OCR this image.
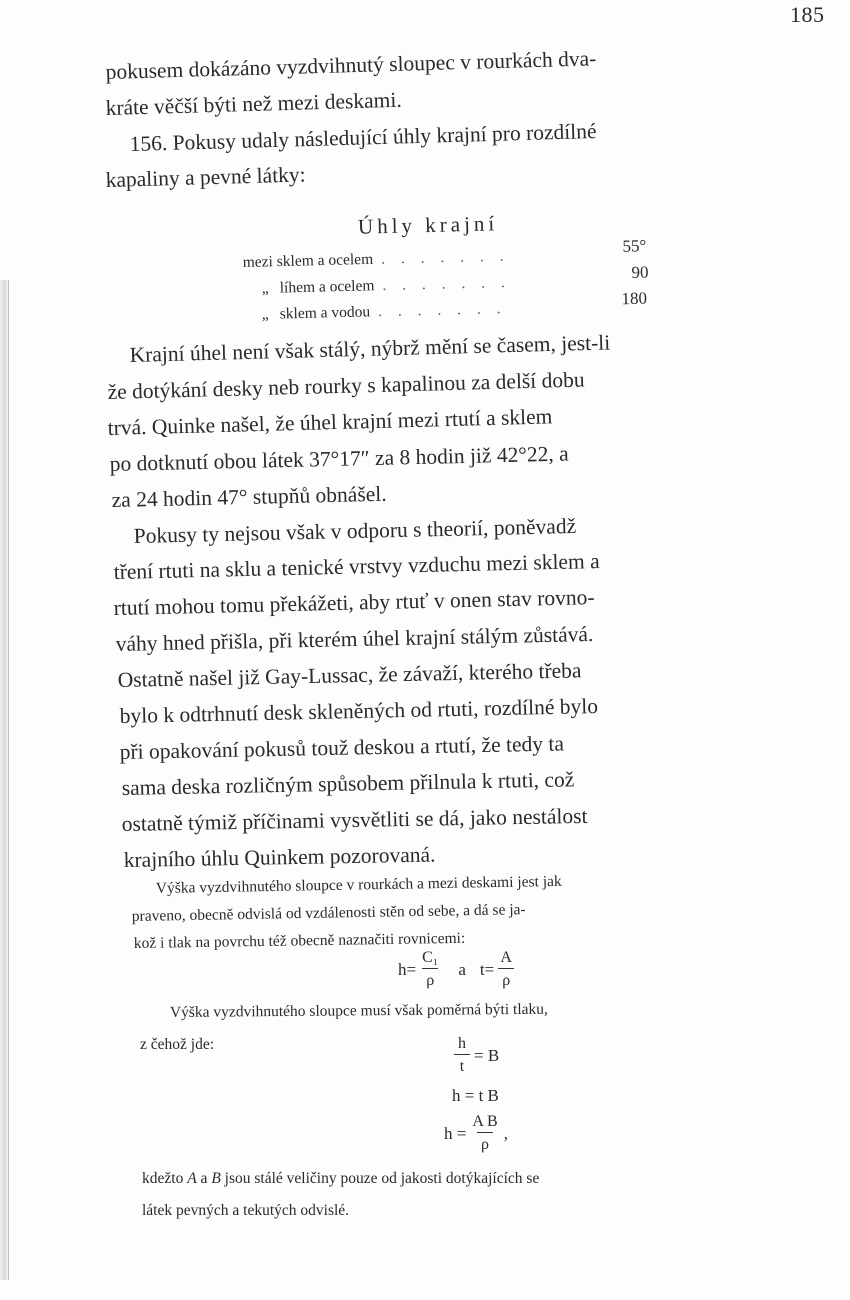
185
pokusem dokázáno vyzdvihnutý sloupec v rourkách dva-
kráte věčší býti než mezi deskami.
156. Pokusy udaly následující úhly krajní pro rozdílné
kapaliny a pevné látky:
Úhly krajní
mezi sklem a ocelem . . . . . . .
55°
„ líhem a ocelem . . . . . . .
90
„ sklem a vodou . . . . . . .
180
Krajní úhel není však stálý, nýbrž mění se časem, jest-li
že dotýkání desky neb rourky s kapalinou za delší dobu
trvá. Quinke našel, že úhel krajní mezi rtutí a sklem
po dotknutí obou látek 37°17″ za 8 hodin již 42°22, a
za 24 hodin 47° stupňů obnášel.
Pokusy ty nejsou však v odporu s theorií, poněvadž
tření rtuti na sklu a tenické vrstvy vzduchu mezi sklem a
rtutí mohou tomu překážeti, aby rtuť v onen stav rovno-
váhy hned přišla, při kterém úhel krajní stálým zůstává.
Ostatně našel již Gay-Lussac, že závaží, kterého třeba
bylo k odtrhnutí desk skleněných od rtuti, rozdílné bylo
při opakování pokusů touž deskou a rtutí, že tedy ta
sama deska rozličným spůsobem přilnula k rtuti, což
ostatně týmiž příčinami vysvětliti se dá, jako nestálost
krajního úhlu Quinkem pozorovaná.
Výška vyzdvihnutého sloupce v rourkách a mezi deskami jest jak
praveno, obecně odvislá od vzdálenosti stěn od sebe, a dá se ja-
kož i tlak na povrchu též obecně naznačiti rovnicemi:
$h= \frac{\text{C₁}}{\rho}$ a $t= \frac{A}{\rho}$
Výška vyzdvihnutého sloupce musí však poměrná býti tlaku,
z čehož jde:	$\frac{h}{t} = B$
h = t B
$h = \frac{\text{A B}}{\rho}$ ,
kdežto A a B jsou stálé veličiny pouze od jakosti dotýkajících se
látek pevných a tekutých odvislé.
